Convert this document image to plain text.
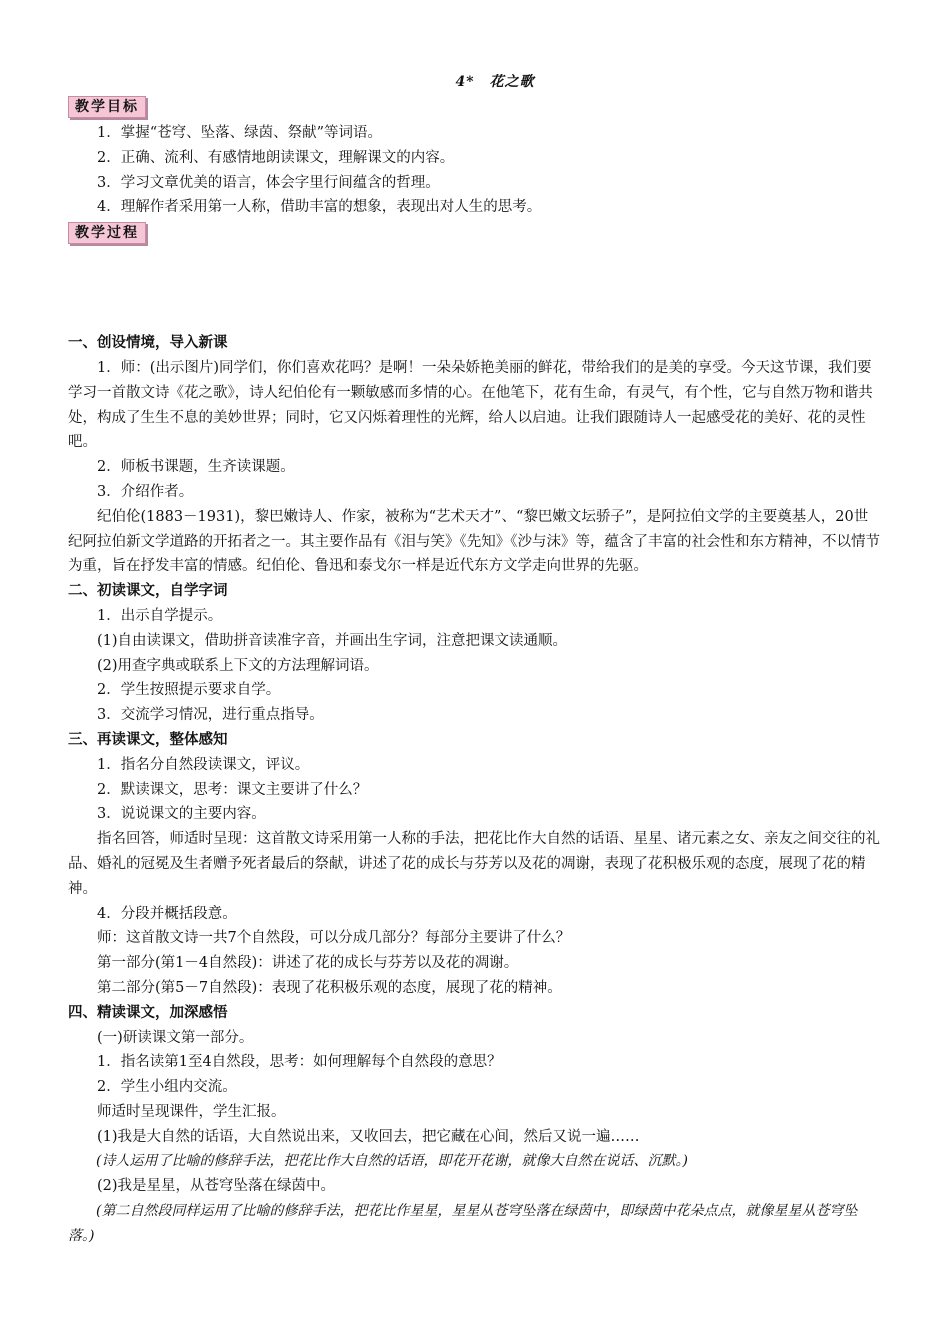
4*　花之歌
教学目标

1．掌握“苍穹、坠落、绿茵、祭献”等词语。

2．正确、流利、有感情地朗读课文，理解课文的内容。

3．学习文章优美的语言，体会字里行间蕴含的哲理。

4．理解作者采用第一人称，借助丰富的想象，表现出对人生的思考。

教学过程

一、创设情境，导入新课

1．师：(出示图片)同学们，你们喜欢花吗？是啊！一朵朵娇艳美丽的鲜花，带给我们的是美的享受。今天这节课，我们要学习一首散文诗《花之歌》，诗人纪伯伦有一颗敏感而多情的心。在他笔下，花有生命，有灵气，有个性，它与自然万物和谐共处，构成了生生不息的美妙世界；同时，它又闪烁着理性的光辉，给人以启迪。让我们跟随诗人一起感受花的美好、花的灵性吧。

2．师板书课题，生齐读课题。

3．介绍作者。

纪伯伦(1883－1931)，黎巴嫩诗人、作家，被称为“艺术天才”、“黎巴嫩文坛骄子”，是阿拉伯文学的主要奠基人，20世纪阿拉伯新文学道路的开拓者之一。其主要作品有《泪与笑》《先知》《沙与沫》等，蕴含了丰富的社会性和东方精神，不以情节为重，旨在抒发丰富的情感。纪伯伦、鲁迅和泰戈尔一样是近代东方文学走向世界的先驱。

二、初读课文，自学字词

1．出示自学提示。

(1)自由读课文，借助拼音读准字音，并画出生字词，注意把课文读通顺。

(2)用查字典或联系上下文的方法理解词语。

2．学生按照提示要求自学。

3．交流学习情况，进行重点指导。

三、再读课文，整体感知

1．指名分自然段读课文，评议。

2．默读课文，思考：课文主要讲了什么？

3．说说课文的主要内容。

指名回答，师适时呈现：这首散文诗采用第一人称的手法，把花比作大自然的话语、星星、诸元素之女、亲友之间交往的礼品、婚礼的冠冕及生者赠予死者最后的祭献，讲述了花的成长与芬芳以及花的凋谢，表现了花积极乐观的态度，展现了花的精神。

4．分段并概括段意。

师：这首散文诗一共7个自然段，可以分成几部分？每部分主要讲了什么？

第一部分(第1－4自然段)：讲述了花的成长与芬芳以及花的凋谢。

第二部分(第5－7自然段)：表现了花积极乐观的态度，展现了花的精神。

四、精读课文，加深感悟

(一)研读课文第一部分。

1．指名读第1至4自然段，思考：如何理解每个自然段的意思？

2．学生小组内交流。

师适时呈现课件，学生汇报。

(1)我是大自然的话语，大自然说出来，又收回去，把它藏在心间，然后又说一遍……

(诗人运用了比喻的修辞手法，把花比作大自然的话语，即花开花谢，就像大自然在说话、沉默。)

(2)我是星星，从苍穹坠落在绿茵中。

(第二自然段同样运用了比喻的修辞手法，把花比作星星，星星从苍穹坠落在绿茵中，即绿茵中花朵点点，就像星星从苍穹坠落。)
